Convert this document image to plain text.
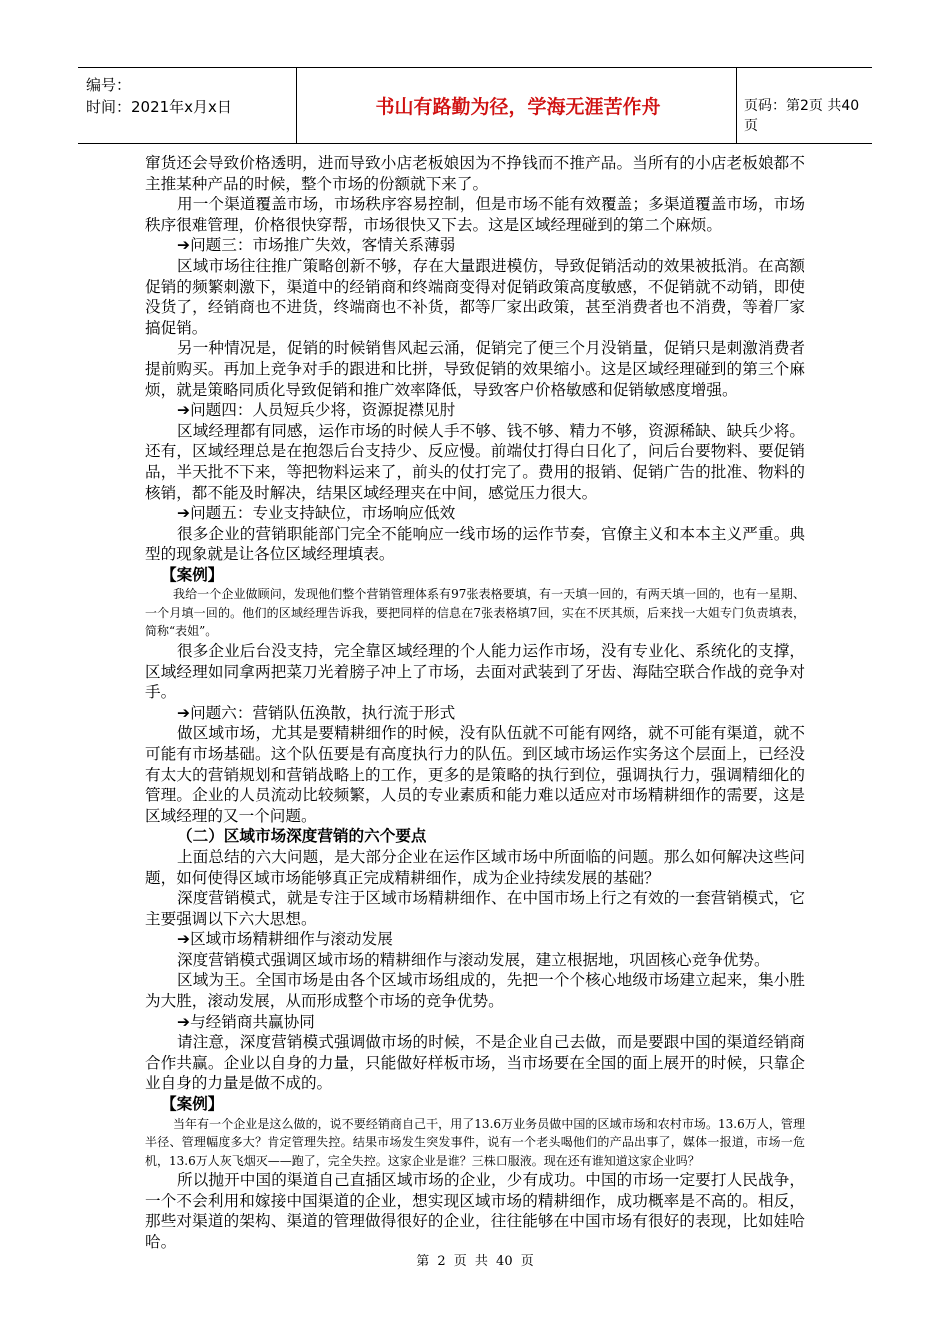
编号：
时间：2021年x月x日	书山有路勤为径，学海无涯苦作舟	页码：第2页 共40页

窜货还会导致价格透明，进而导致小店老板娘因为不挣钱而不推产品。当所有的小店老板娘都不主推某种产品的时候，整个市场的份额就下来了。

用一个渠道覆盖市场，市场秩序容易控制，但是市场不能有效覆盖；多渠道覆盖市场，市场秩序很难管理，价格很快穿帮，市场很快又下去。这是区域经理碰到的第二个麻烦。

➔问题三：市场推广失效，客情关系薄弱

区域市场往往推广策略创新不够，存在大量跟进模仿，导致促销活动的效果被抵消。在高额促销的频繁刺激下，渠道中的经销商和终端商变得对促销政策高度敏感，不促销就不动销，即使没货了，经销商也不进货，终端商也不补货，都等厂家出政策，甚至消费者也不消费，等着厂家搞促销。

另一种情况是，促销的时候销售风起云涌，促销完了便三个月没销量，促销只是刺激消费者提前购买。再加上竞争对手的跟进和比拼，导致促销的效果缩小。这是区域经理碰到的第三个麻烦，就是策略同质化导致促销和推广效率降低，导致客户价格敏感和促销敏感度增强。

➔问题四：人员短兵少将，资源捉襟见肘

区域经理都有同感，运作市场的时候人手不够、钱不够、精力不够，资源稀缺、缺兵少将。还有，区域经理总是在抱怨后台支持少、反应慢。前端仗打得白日化了，问后台要物料、要促销品，半天批不下来，等把物料运来了，前头的仗打完了。费用的报销、促销广告的批准、物料的核销，都不能及时解决，结果区域经理夹在中间，感觉压力很大。

➔问题五：专业支持缺位，市场响应低效

很多企业的营销职能部门完全不能响应一线市场的运作节奏，官僚主义和本本主义严重。典型的现象就是让各位区域经理填表。

【案例】

我给一个企业做顾问，发现他们整个营销管理体系有97张表格要填，有一天填一回的，有两天填一回的，也有一星期、一个月填一回的。他们的区域经理告诉我，要把同样的信息在7张表格填7回，实在不厌其烦，后来找一大姐专门负责填表，简称“表姐”。

很多企业后台没支持，完全靠区域经理的个人能力运作市场，没有专业化、系统化的支撑，区域经理如同拿两把菜刀光着膀子冲上了市场，去面对武装到了牙齿、海陆空联合作战的竞争对手。

➔问题六：营销队伍涣散，执行流于形式

做区域市场，尤其是要精耕细作的时候，没有队伍就不可能有网络，就不可能有渠道，就不可能有市场基础。这个队伍要是有高度执行力的队伍。到区域市场运作实务这个层面上，已经没有太大的营销规划和营销战略上的工作，更多的是策略的执行到位，强调执行力，强调精细化的管理。企业的人员流动比较频繁，人员的专业素质和能力难以适应对市场精耕细作的需要，这是区域经理的又一个问题。

（二）区域市场深度营销的六个要点

上面总结的六大问题，是大部分企业在运作区域市场中所面临的问题。那么如何解决这些问题，如何使得区域市场能够真正完成精耕细作，成为企业持续发展的基础？

深度营销模式，就是专注于区域市场精耕细作、在中国市场上行之有效的一套营销模式，它主要强调以下六大思想。

➔区域市场精耕细作与滚动发展

深度营销模式强调区域市场的精耕细作与滚动发展，建立根据地，巩固核心竞争优势。

区域为王。全国市场是由各个区域市场组成的，先把一个个核心地级市场建立起来，集小胜为大胜，滚动发展，从而形成整个市场的竞争优势。

➔与经销商共赢协同

请注意，深度营销模式强调做市场的时候，不是企业自己去做，而是要跟中国的渠道经销商合作共赢。企业以自身的力量，只能做好样板市场，当市场要在全国的面上展开的时候，只靠企业自身的力量是做不成的。

【案例】

当年有一个企业是这么做的，说不要经销商自己干，用了13.6万业务员做中国的区域市场和农村市场。13.6万人，管理半径、管理幅度多大？肯定管理失控。结果市场发生突发事件，说有一个老头喝他们的产品出事了，媒体一报道，市场一危机，13.6万人灰飞烟灭——跑了，完全失控。这家企业是谁？三株口服液。现在还有谁知道这家企业吗？

所以抛开中国的渠道自己直插区域市场的企业，少有成功。中国的市场一定要打人民战争，一个不会利用和嫁接中国渠道的企业，想实现区域市场的精耕细作，成功概率是不高的。相反，那些对渠道的架构、渠道的管理做得很好的企业，往往能够在中国市场有很好的表现，比如娃哈哈。

第 2 页 共 40 页
